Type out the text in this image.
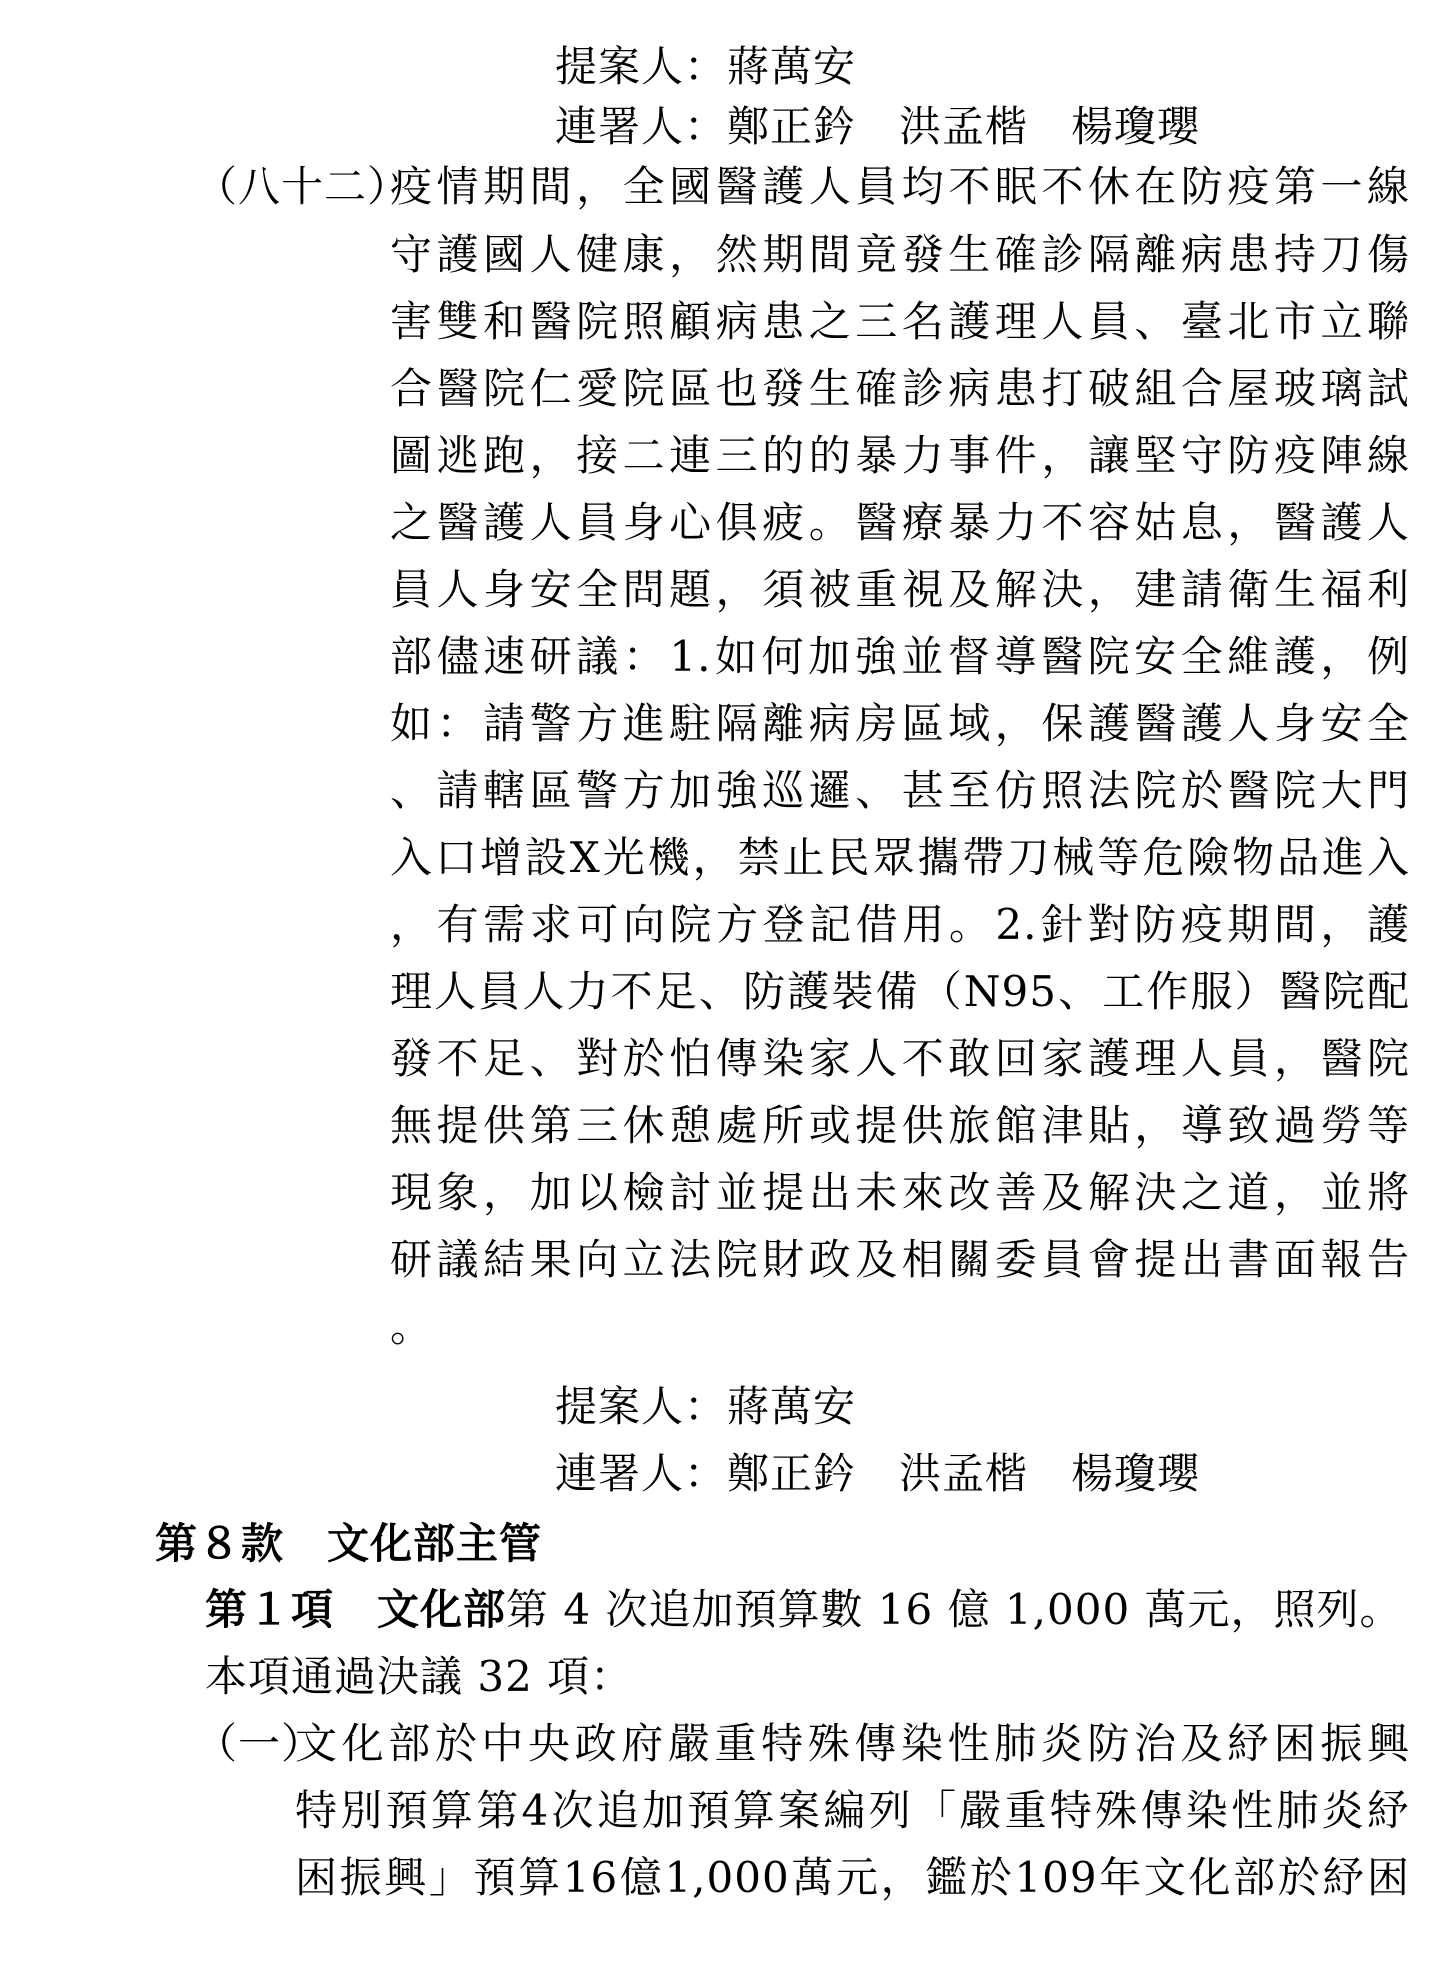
提案人：蔣萬安
連署人：鄭正鈐　洪孟楷　楊瓊瓔
（八十二）
疫情期間，全國醫護人員均不眠不休在防疫第一線
守護國人健康，然期間竟發生確診隔離病患持刀傷
害雙和醫院照顧病患之三名護理人員、臺北市立聯
合醫院仁愛院區也發生確診病患打破組合屋玻璃試
圖逃跑，接二連三的的暴力事件，讓堅守防疫陣線
之醫護人員身心俱疲。醫療暴力不容姑息，醫護人
員人身安全問題，須被重視及解決，建請衛生福利
部儘速研議：1.如何加強並督導醫院安全維護，例
如：請警方進駐隔離病房區域，保護醫護人身安全
、請轄區警方加強巡邏、甚至仿照法院於醫院大門
入口增設X光機，禁止民眾攜帶刀械等危險物品進入
，有需求可向院方登記借用。2.針對防疫期間，護
理人員人力不足、防護裝備（N95、工作服）醫院配
發不足、對於怕傳染家人不敢回家護理人員，醫院
無提供第三休憩處所或提供旅館津貼，導致過勞等
現象，加以檢討並提出未來改善及解決之道，並將
研議結果向立法院財政及相關委員會提出書面報告
。
提案人：蔣萬安
連署人：鄭正鈐　洪孟楷　楊瓊瓔
第８款　文化部主管
第１項　文化部第 4 次追加預算數 16 億 1,000 萬元，照列。
本項通過決議 32 項：
（一）
文化部於中央政府嚴重特殊傳染性肺炎防治及紓困振興
特別預算第4次追加預算案編列「嚴重特殊傳染性肺炎紓
困振興」預算16億1,000萬元，鑑於109年文化部於紓困
